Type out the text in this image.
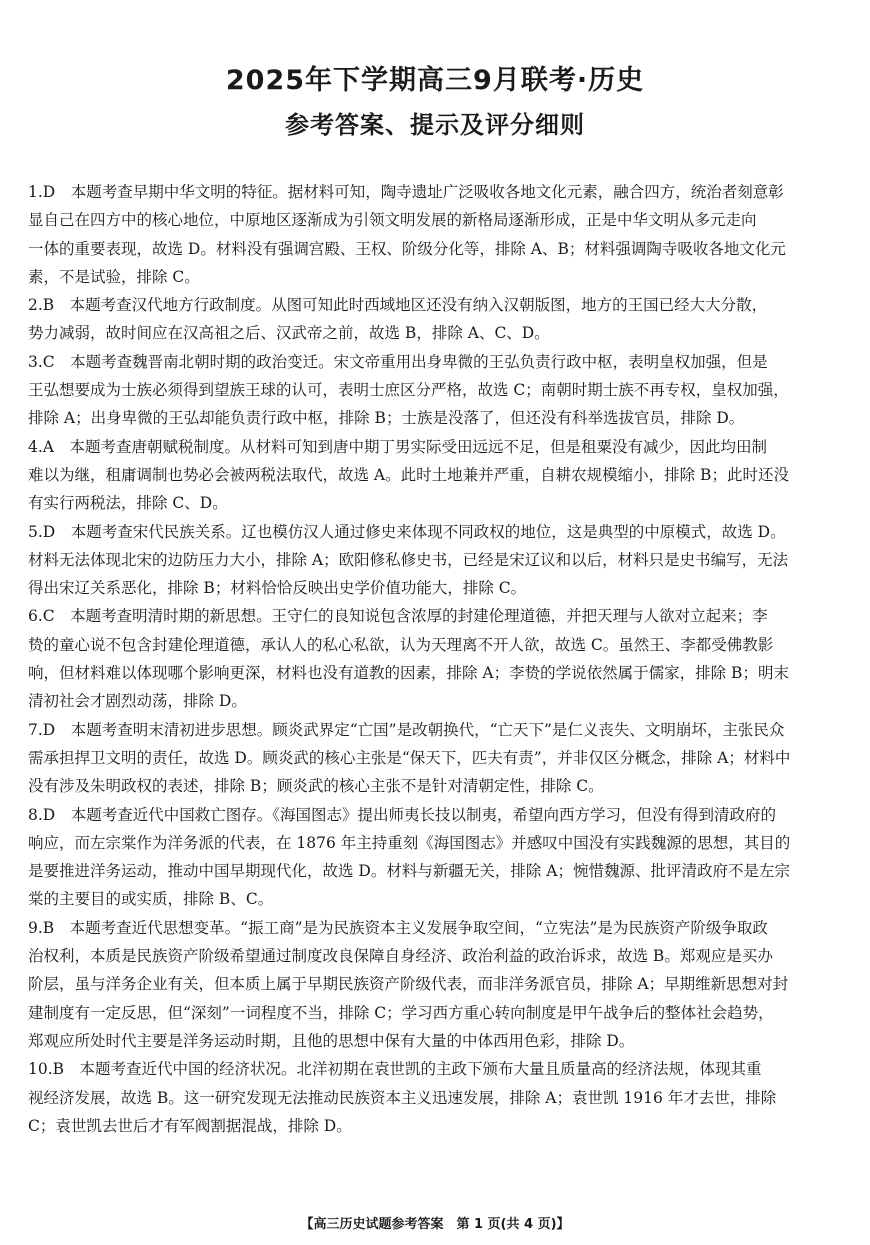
2025年下学期高三9月联考·历史
参考答案、提示及评分细则
1.D　本题考查早期中华文明的特征。据材料可知，陶寺遗址广泛吸收各地文化元素，融合四方，统治者刻意彰
显自己在四方中的核心地位，中原地区逐渐成为引领文明发展的新格局逐渐形成，正是中华文明从多元走向
一体的重要表现，故选 D。材料没有强调宫殿、王权、阶级分化等，排除 A、B；材料强调陶寺吸收各地文化元
素，不是试验，排除 C。
2.B　本题考查汉代地方行政制度。从图可知此时西域地区还没有纳入汉朝版图，地方的王国已经大大分散，
势力减弱，故时间应在汉高祖之后、汉武帝之前，故选 B，排除 A、C、D。
3.C　本题考查魏晋南北朝时期的政治变迁。宋文帝重用出身卑微的王弘负责行政中枢，表明皇权加强，但是
王弘想要成为士族必须得到望族王球的认可，表明士庶区分严格，故选 C；南朝时期士族不再专权，皇权加强，
排除 A；出身卑微的王弘却能负责行政中枢，排除 B；士族是没落了，但还没有科举选拔官员，排除 D。
4.A　本题考查唐朝赋税制度。从材料可知到唐中期丁男实际受田远远不足，但是租粟没有减少，因此均田制
难以为继，租庸调制也势必会被两税法取代，故选 A。此时土地兼并严重，自耕农规模缩小，排除 B；此时还没
有实行两税法，排除 C、D。
5.D　本题考查宋代民族关系。辽也模仿汉人通过修史来体现不同政权的地位，这是典型的中原模式，故选 D。
材料无法体现北宋的边防压力大小，排除 A；欧阳修私修史书，已经是宋辽议和以后，材料只是史书编写，无法
得出宋辽关系恶化，排除 B；材料恰恰反映出史学价值功能大，排除 C。
6.C　本题考查明清时期的新思想。王守仁的良知说包含浓厚的封建伦理道德，并把天理与人欲对立起来；李
贽的童心说不包含封建伦理道德，承认人的私心私欲，认为天理离不开人欲，故选 C。虽然王、李都受佛教影
响，但材料难以体现哪个影响更深，材料也没有道教的因素，排除 A；李贽的学说依然属于儒家，排除 B；明末
清初社会才剧烈动荡，排除 D。
7.D　本题考查明末清初进步思想。顾炎武界定“亡国”是改朝换代，“亡天下”是仁义丧失、文明崩坏，主张民众
需承担捍卫文明的责任，故选 D。顾炎武的核心主张是“保天下，匹夫有责”，并非仅区分概念，排除 A；材料中
没有涉及朱明政权的表述，排除 B；顾炎武的核心主张不是针对清朝定性，排除 C。
8.D　本题考查近代中国救亡图存。《海国图志》提出师夷长技以制夷，希望向西方学习，但没有得到清政府的
响应，而左宗棠作为洋务派的代表，在 1876 年主持重刻《海国图志》并感叹中国没有实践魏源的思想，其目的
是要推进洋务运动，推动中国早期现代化，故选 D。材料与新疆无关，排除 A；惋惜魏源、批评清政府不是左宗
棠的主要目的或实质，排除 B、C。
9.B　本题考查近代思想变革。“振工商”是为民族资本主义发展争取空间，“立宪法”是为民族资产阶级争取政
治权利，本质是民族资产阶级希望通过制度改良保障自身经济、政治利益的政治诉求，故选 B。郑观应是买办
阶层，虽与洋务企业有关，但本质上属于早期民族资产阶级代表，而非洋务派官员，排除 A；早期维新思想对封
建制度有一定反思，但“深刻”一词程度不当，排除 C；学习西方重心转向制度是甲午战争后的整体社会趋势，
郑观应所处时代主要是洋务运动时期，且他的思想中保有大量的中体西用色彩，排除 D。
10.B　本题考查近代中国的经济状况。北洋初期在袁世凯的主政下颁布大量且质量高的经济法规，体现其重
视经济发展，故选 B。这一研究发现无法推动民族资本主义迅速发展，排除 A；袁世凯 1916 年才去世，排除
C；袁世凯去世后才有军阀割据混战，排除 D。
【高三历史试题参考答案　第 1 页(共 4 页)】
